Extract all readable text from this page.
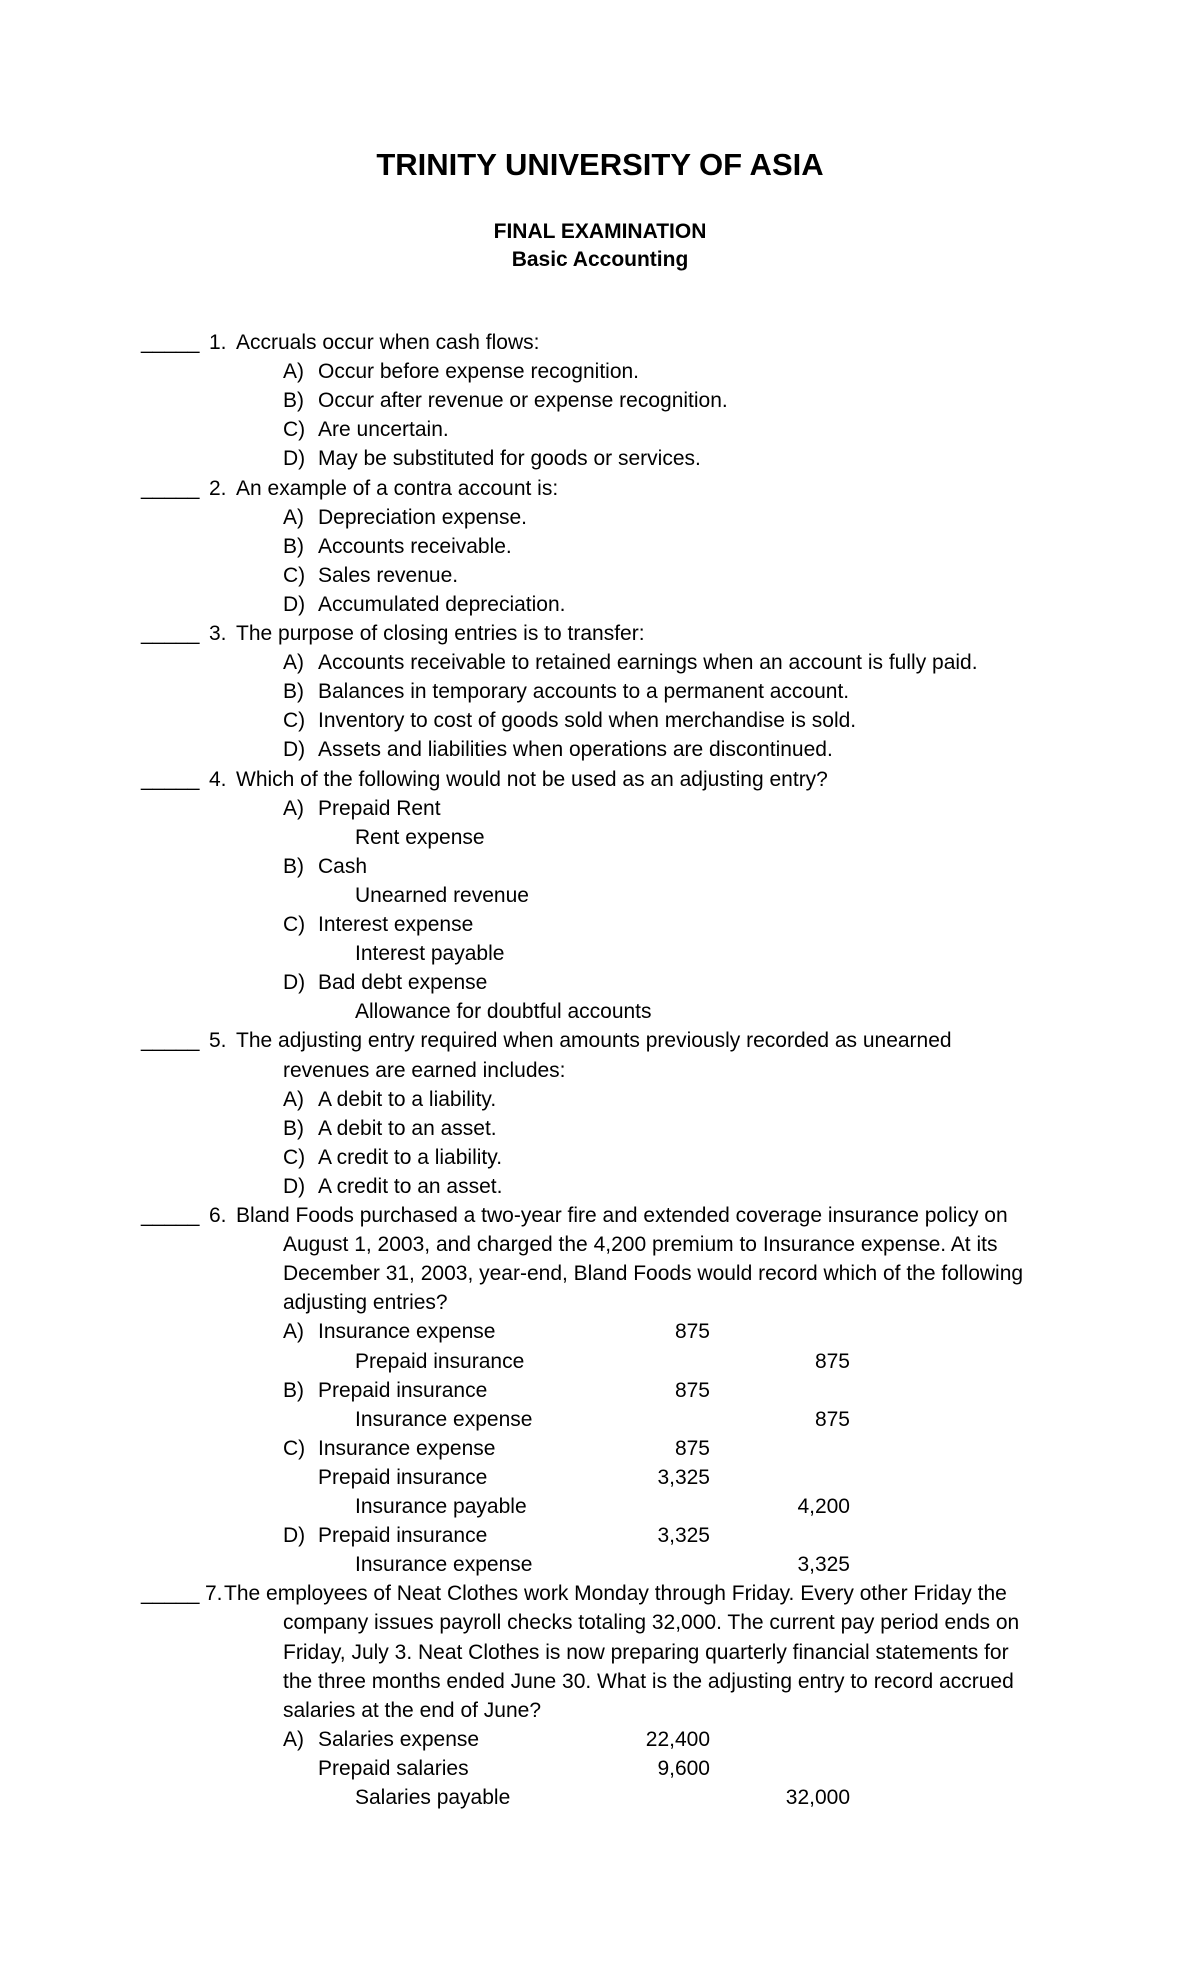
TRINITY UNIVERSITY OF ASIA
FINAL EXAMINATION
Basic Accounting
_____ 1. Accruals occur when cash flows:
A) Occur before expense recognition.
B) Occur after revenue or expense recognition.
C) Are uncertain.
D) May be substituted for goods or services.
_____ 2. An example of a contra account is:
A) Depreciation expense.
B) Accounts receivable.
C) Sales revenue.
D) Accumulated depreciation.
_____ 3. The purpose of closing entries is to transfer:
A) Accounts receivable to retained earnings when an account is fully paid.
B) Balances in temporary accounts to a permanent account.
C) Inventory to cost of goods sold when merchandise is sold.
D) Assets and liabilities when operations are discontinued.
_____ 4. Which of the following would not be used as an adjusting entry?
A) Prepaid Rent
Rent expense
B) Cash
Unearned revenue
C) Interest expense
Interest payable
D) Bad debt expense
Allowance for doubtful accounts
_____ 5. The adjusting entry required when amounts previously recorded as unearned
revenues are earned includes:
A) A debit to a liability.
B) A debit to an asset.
C) A credit to a liability.
D) A credit to an asset.
_____ 6. Bland Foods purchased a two-year fire and extended coverage insurance policy on
August 1, 2003, and charged the 4,200 premium to Insurance expense. At its
December 31, 2003, year-end, Bland Foods would record which of the following
adjusting entries?
A) Insurance expense	875
Prepaid insurance	875
B) Prepaid insurance	875
Insurance expense	875
C) Insurance expense	875
Prepaid insurance	3,325
Insurance payable	4,200
D) Prepaid insurance	3,325
Insurance expense	3,325
_____ 7. The employees of Neat Clothes work Monday through Friday. Every other Friday the
company issues payroll checks totaling 32,000. The current pay period ends on
Friday, July 3. Neat Clothes is now preparing quarterly financial statements for
the three months ended June 30. What is the adjusting entry to record accrued
salaries at the end of June?
A) Salaries expense	22,400
Prepaid salaries	9,600
Salaries payable	32,000
